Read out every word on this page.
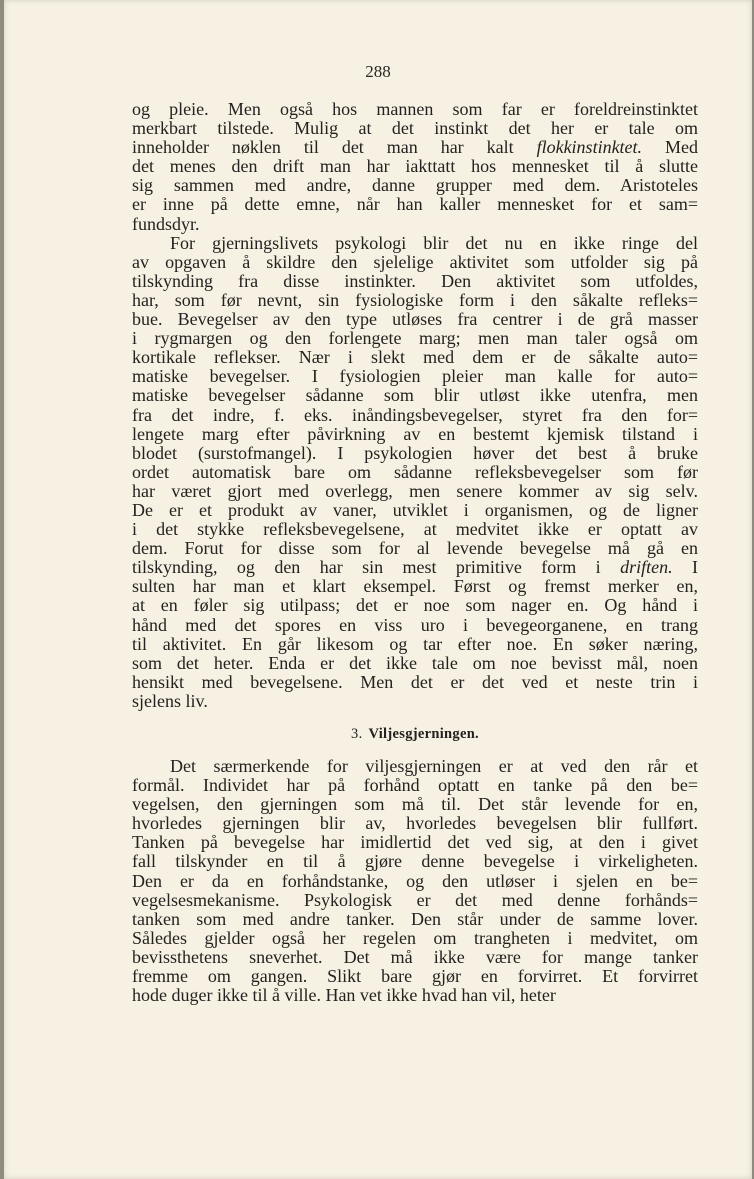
288
og pleie. Men også hos mannen som far er foreldreinstinktet
merkbart tilstede. Mulig at det instinkt det her er tale om
inneholder nøklen til det man har kalt flokkinstinktet. Med
det menes den drift man har iakttatt hos mennesket til å slutte
sig sammen med andre, danne grupper med dem. Aristoteles
er inne på dette emne, når han kaller mennesket for et sam=
fundsdyr.
For gjerningslivets psykologi blir det nu en ikke ringe del
av opgaven å skildre den sjelelige aktivitet som utfolder sig på
tilskynding fra disse instinkter. Den aktivitet som utfoldes,
har, som før nevnt, sin fysiologiske form i den såkalte refleks=
bue. Bevegelser av den type utløses fra centrer i de grå masser
i rygmargen og den forlengete marg; men man taler også om
kortikale reflekser. Nær i slekt med dem er de såkalte auto=
matiske bevegelser. I fysiologien pleier man kalle for auto=
matiske bevegelser sådanne som blir utløst ikke utenfra, men
fra det indre, f. eks. inåndingsbevegelser, styret fra den for=
lengete marg efter påvirkning av en bestemt kjemisk tilstand i
blodet (surstofmangel). I psykologien høver det best å bruke
ordet automatisk bare om sådanne refleksbevegelser som før
har været gjort med overlegg, men senere kommer av sig selv.
De er et produkt av vaner, utviklet i organismen, og de ligner
i det stykke refleksbevegelsene, at medvitet ikke er optatt av
dem. Forut for disse som for al levende bevegelse må gå en
tilskynding, og den har sin mest primitive form i driften. I
sulten har man et klart eksempel. Først og fremst merker en,
at en føler sig utilpass; det er noe som nager en. Og hånd i
hånd med det spores en viss uro i bevegeorganene, en trang
til aktivitet. En går likesom og tar efter noe. En søker næring,
som det heter. Enda er det ikke tale om noe bevisst mål, noen
hensikt med bevegelsene. Men det er det ved et neste trin i
sjelens liv.
3. Viljesgjerningen.
Det særmerkende for viljesgjerningen er at ved den rår et
formål. Individet har på forhånd optatt en tanke på den be=
vegelsen, den gjerningen som må til. Det står levende for en,
hvorledes gjerningen blir av, hvorledes bevegelsen blir fullført.
Tanken på bevegelse har imidlertid det ved sig, at den i givet
fall tilskynder en til å gjøre denne bevegelse i virkeligheten.
Den er da en forhåndstanke, og den utløser i sjelen en be=
vegelsesmekanisme. Psykologisk er det med denne forhånds=
tanken som med andre tanker. Den står under de samme lover.
Således gjelder også her regelen om trangheten i medvitet, om
bevissthetens sneverhet. Det må ikke være for mange tanker
fremme om gangen. Slikt bare gjør en forvirret. Et forvirret
hode duger ikke til å ville. Han vet ikke hvad han vil, heter
